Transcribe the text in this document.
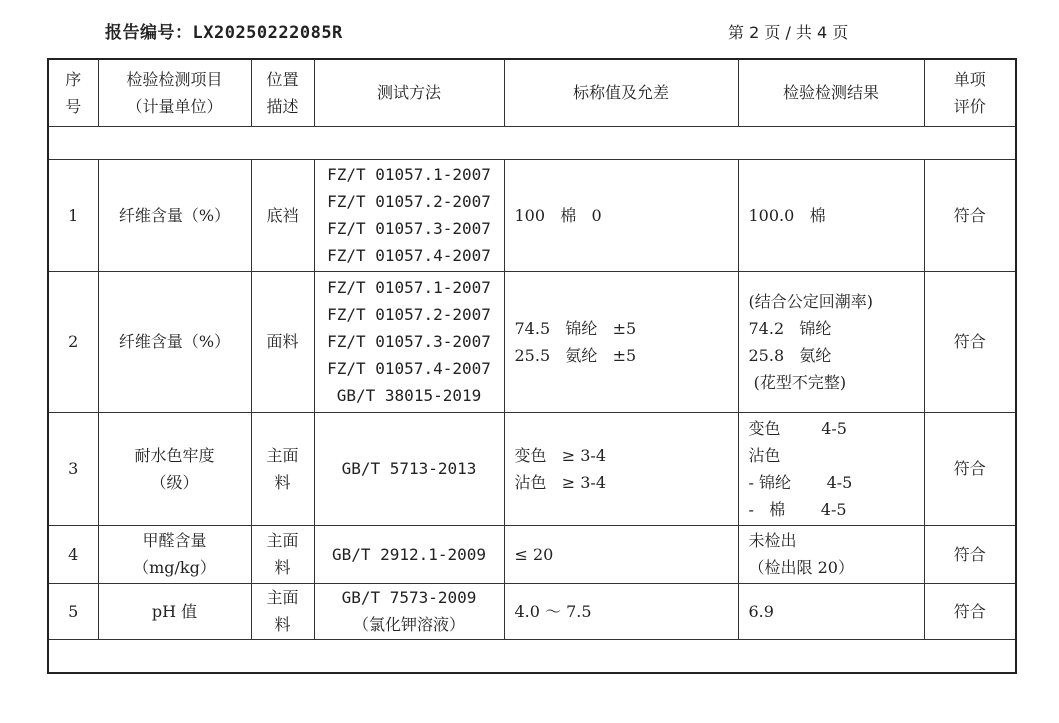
报告编号：LX20250222085R	第 2 页 / 共 4 页
序
号	检验检测项目
（计量单位）	位置
描述	测试方法	标称值及允差	检验检测结果	单项
评价

1	纤维含量（%）	底裆	FZ/T 01057.1-2007
FZ/T 01057.2-2007
FZ/T 01057.3-2007
FZ/T 01057.4-2007	100   棉   0	100.0   棉	符合
2	纤维含量（%）	面料	FZ/T 01057.1-2007
FZ/T 01057.2-2007
FZ/T 01057.3-2007
FZ/T 01057.4-2007
GB/T 38015-2019	74.5   锦纶   ±5
25.5   氨纶   ±5	(结合公定回潮率)
74.2   锦纶
25.8   氨纶
(花型不完整)	符合
3	耐水色牢度
（级）	主面
料	GB/T 5713-2013	变色   ≥ 3-4
沾色   ≥ 3-4	变色        4-5
沾色
- 锦纶       4-5
-   棉       4-5	符合
4	甲醛含量
（mg/kg）	主面
料	GB/T 2912.1-2009	≤ 20	未检出
（检出限 20）	符合
5	pH 值	主面
料	GB/T 7573-2009
（氯化钾溶液）	4.0 ～ 7.5	6.9	符合
